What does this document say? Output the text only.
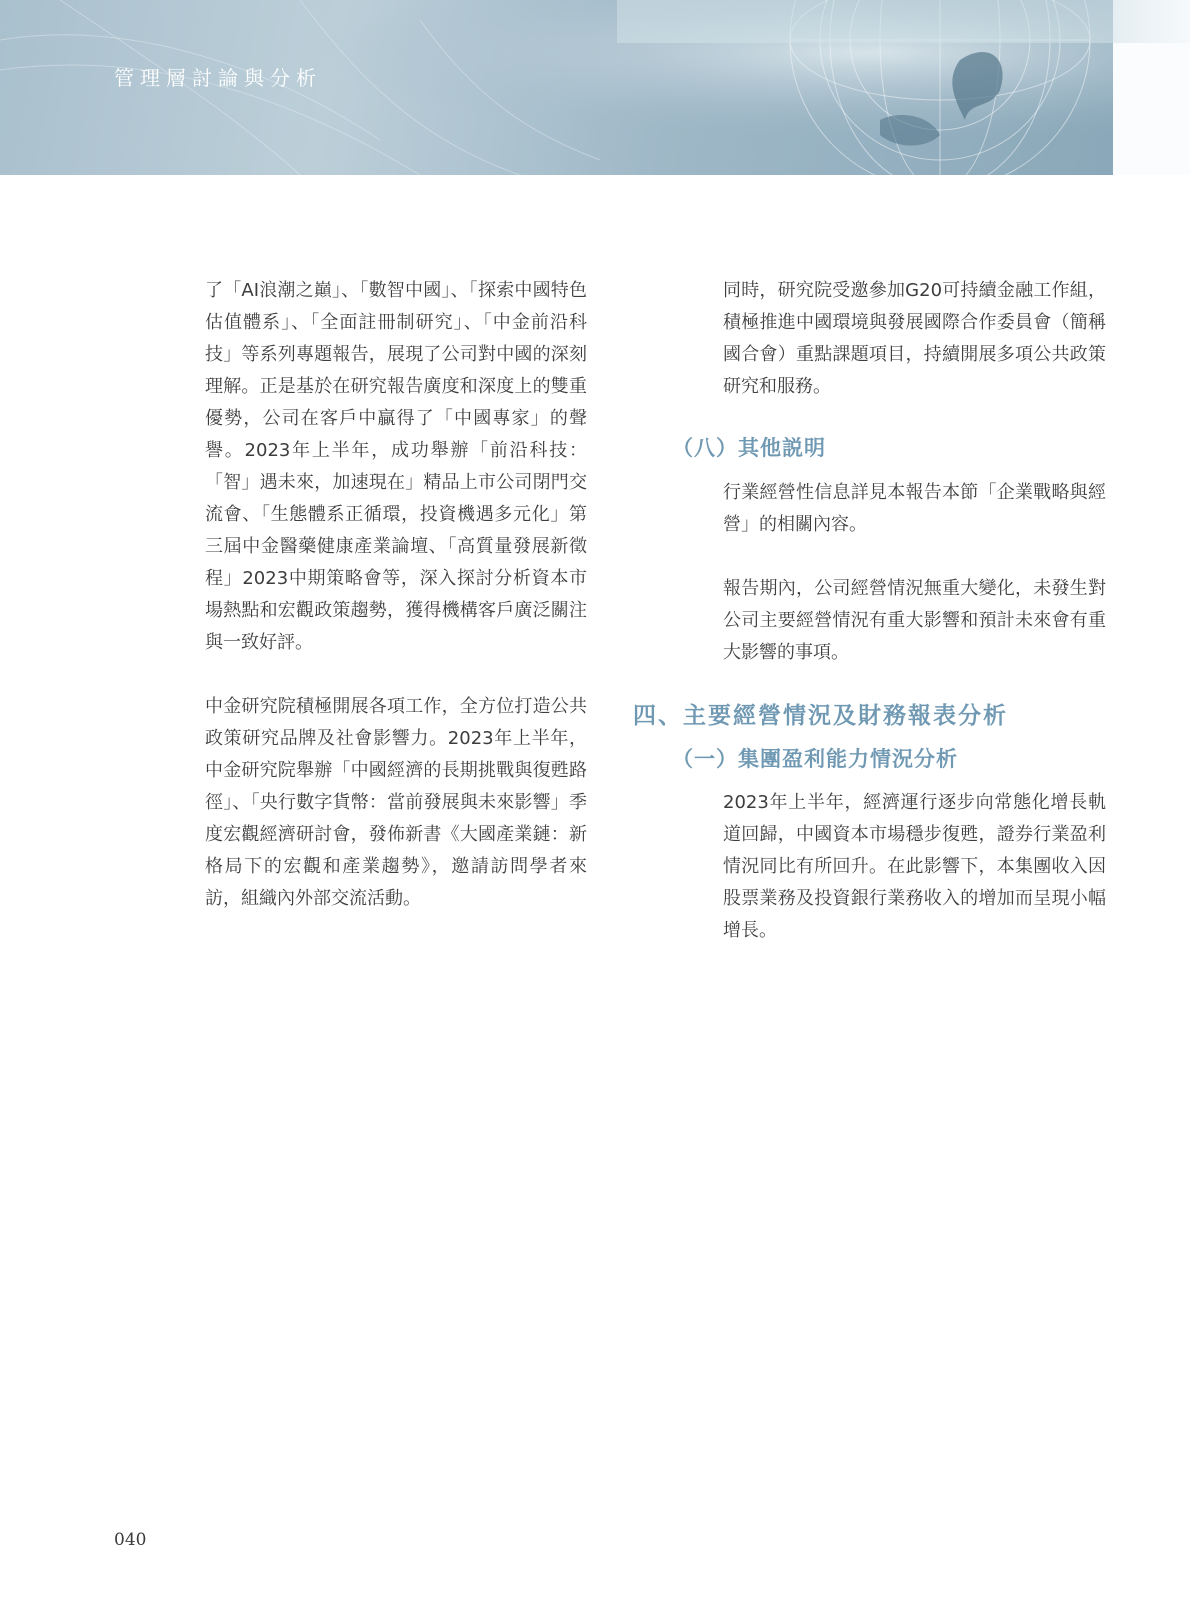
管理層討論與分析

了「AI浪潮之巔」、「數智中國」、「探索中國特色估值體系」、「全面註冊制研究」、「中金前沿科技」等系列專題報告，展現了公司對中國的深刻理解。正是基於在研究報告廣度和深度上的雙重優勢，公司在客戶中贏得了「中國專家」的聲譽。2023年上半年，成功舉辦「前沿科技：「智」遇未來，加速現在」精品上市公司閉門交流會、「生態體系正循環，投資機遇多元化」第三屆中金醫藥健康產業論壇、「高質量發展新徵程」2023中期策略會等，深入探討分析資本市場熱點和宏觀政策趨勢，獲得機構客戶廣泛關注與一致好評。

中金研究院積極開展各項工作，全方位打造公共政策研究品牌及社會影響力。2023年上半年，中金研究院舉辦「中國經濟的長期挑戰與復甦路徑」、「央行數字貨幣：當前發展與未來影響」季度宏觀經濟研討會，發佈新書《大國產業鏈：新格局下的宏觀和產業趨勢》，邀請訪問學者來訪，組織內外部交流活動。

同時，研究院受邀參加G20可持續金融工作組，積極推進中國環境與發展國際合作委員會（簡稱國合會）重點課題項目，持續開展多項公共政策研究和服務。

（八）其他説明

行業經營性信息詳見本報告本節「企業戰略與經營」的相關內容。

報告期內，公司經營情況無重大變化，未發生對公司主要經營情況有重大影響和預計未來會有重大影響的事項。

四、主要經營情況及財務報表分析
（一）集團盈利能力情況分析

2023年上半年，經濟運行逐步向常態化增長軌道回歸，中國資本市場穩步復甦，證券行業盈利情況同比有所回升。在此影響下，本集團收入因股票業務及投資銀行業務收入的增加而呈現小幅增長。

040
